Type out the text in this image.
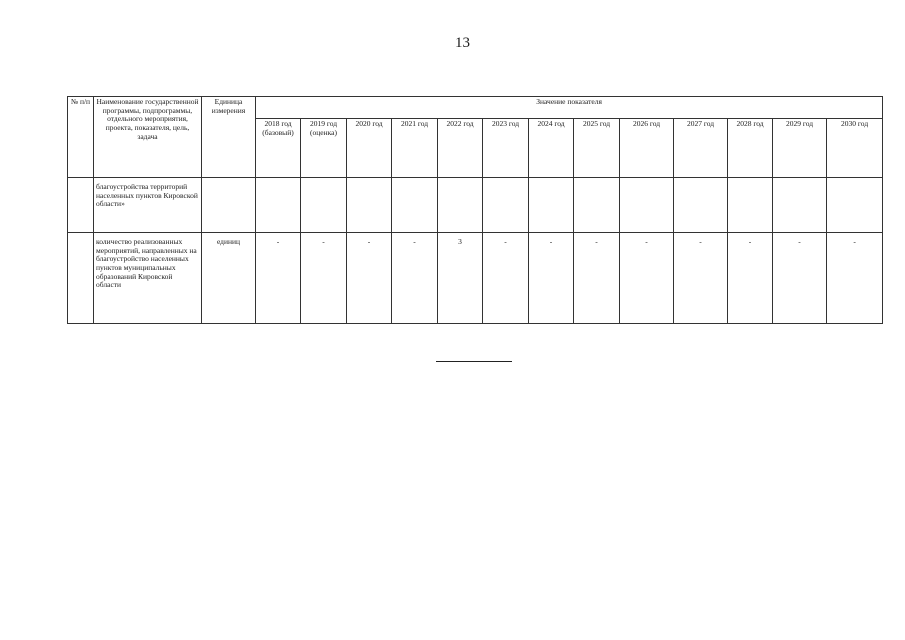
13
№ п/п	Наименование государственной программы, подпрограммы, отдельного мероприятия, проекта, показателя, цель, задача	Единица измерения	Значение показателя												
			2018 год (базовый)	2019 год (оценка)	2020 год	2021 год	2022 год	2023 год	2024 год	2025 год	2026 год	2027 год	2028 год	2029 год	2030 год
	благоустройства территорий населенных пунктов Кировской области»														
	количество реализованных мероприятий, направленных на благоустройство населенных пунктов муниципальных образований Кировской области	единиц	-	-	-	-	3	-	-	-	-	-	-	-	-
